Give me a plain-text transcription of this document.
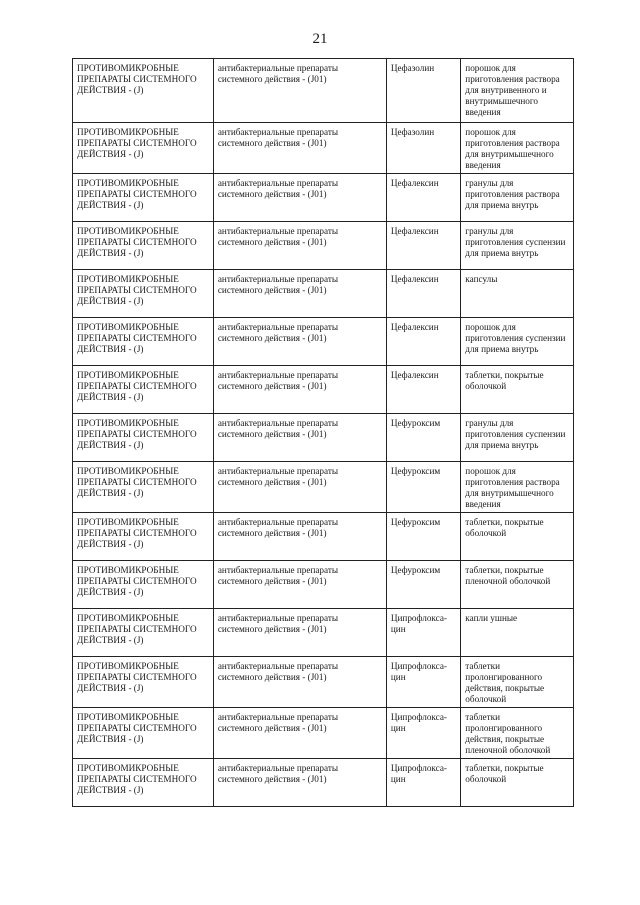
21
ПРОТИВОМИКРОБНЫЕ ПРЕПАРАТЫ СИСТЕМНОГО ДЕЙСТВИЯ - (J)	антибактериальные препараты системного действия - (J01)	Цефазолин	порошок для приготовления раствора для внутривенного и внутримышечного введения
ПРОТИВОМИКРОБНЫЕ ПРЕПАРАТЫ СИСТЕМНОГО ДЕЙСТВИЯ - (J)	антибактериальные препараты системного действия - (J01)	Цефазолин	порошок для приготовления раствора для внутримышечного введения
ПРОТИВОМИКРОБНЫЕ ПРЕПАРАТЫ СИСТЕМНОГО ДЕЙСТВИЯ - (J)	антибактериальные препараты системного действия - (J01)	Цефалексин	гранулы для приготовления раствора для приема внутрь
ПРОТИВОМИКРОБНЫЕ ПРЕПАРАТЫ СИСТЕМНОГО ДЕЙСТВИЯ - (J)	антибактериальные препараты системного действия - (J01)	Цефалексин	гранулы для приготовления суспензии для приема внутрь
ПРОТИВОМИКРОБНЫЕ ПРЕПАРАТЫ СИСТЕМНОГО ДЕЙСТВИЯ - (J)	антибактериальные препараты системного действия - (J01)	Цефалексин	капсулы
ПРОТИВОМИКРОБНЫЕ ПРЕПАРАТЫ СИСТЕМНОГО ДЕЙСТВИЯ - (J)	антибактериальные препараты системного действия - (J01)	Цефалексин	порошок для приготовления суспензии для приема внутрь
ПРОТИВОМИКРОБНЫЕ ПРЕПАРАТЫ СИСТЕМНОГО ДЕЙСТВИЯ - (J)	антибактериальные препараты системного действия - (J01)	Цефалексин	таблетки, покрытые оболочкой
ПРОТИВОМИКРОБНЫЕ ПРЕПАРАТЫ СИСТЕМНОГО ДЕЙСТВИЯ - (J)	антибактериальные препараты системного действия - (J01)	Цефуроксим	гранулы для приготовления суспензии для приема внутрь
ПРОТИВОМИКРОБНЫЕ ПРЕПАРАТЫ СИСТЕМНОГО ДЕЙСТВИЯ - (J)	антибактериальные препараты системного действия - (J01)	Цефуроксим	порошок для приготовления раствора для внутримышечного введения
ПРОТИВОМИКРОБНЫЕ ПРЕПАРАТЫ СИСТЕМНОГО ДЕЙСТВИЯ - (J)	антибактериальные препараты системного действия - (J01)	Цефуроксим	таблетки, покрытые оболочкой
ПРОТИВОМИКРОБНЫЕ ПРЕПАРАТЫ СИСТЕМНОГО ДЕЙСТВИЯ - (J)	антибактериальные препараты системного действия - (J01)	Цефуроксим	таблетки, покрытые пленочной оболочкой
ПРОТИВОМИКРОБНЫЕ ПРЕПАРАТЫ СИСТЕМНОГО ДЕЙСТВИЯ - (J)	антибактериальные препараты системного действия - (J01)	Ципрофлокса-цин	капли ушные
ПРОТИВОМИКРОБНЫЕ ПРЕПАРАТЫ СИСТЕМНОГО ДЕЙСТВИЯ - (J)	антибактериальные препараты системного действия - (J01)	Ципрофлокса-цин	таблетки пролонгированного действия, покрытые оболочкой
ПРОТИВОМИКРОБНЫЕ ПРЕПАРАТЫ СИСТЕМНОГО ДЕЙСТВИЯ - (J)	антибактериальные препараты системного действия - (J01)	Ципрофлокса-цин	таблетки пролонгированного действия, покрытые пленочной оболочкой
ПРОТИВОМИКРОБНЫЕ ПРЕПАРАТЫ СИСТЕМНОГО ДЕЙСТВИЯ - (J)	антибактериальные препараты системного действия - (J01)	Ципрофлокса-цин	таблетки, покрытые оболочкой
